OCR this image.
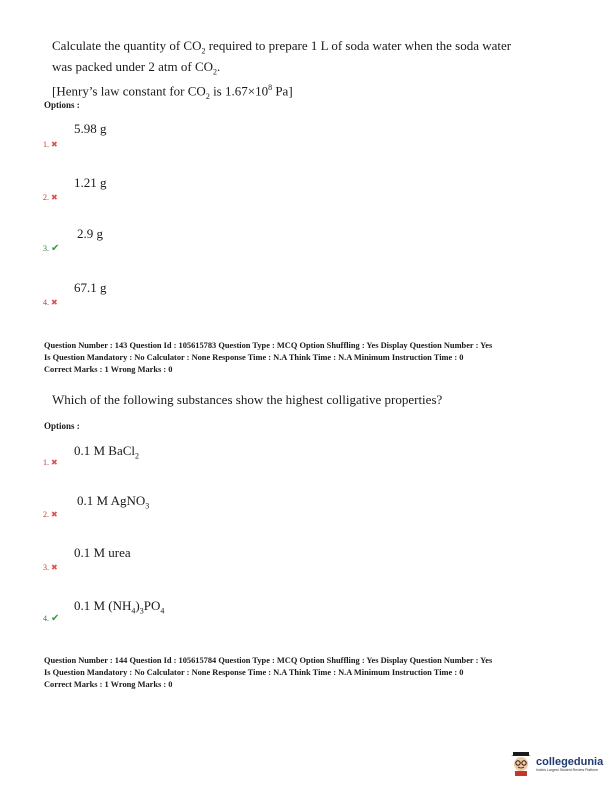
Calculate the quantity of $CO_2$ required to prepare 1 L of soda water when the soda water
was packed under 2 atm of $CO_2$.
[Henry’s law constant for $CO_2$ is $1.67\times 10^8$ Pa]
Options :
5.98 g
1. ✖
1.21 g
2. ✖
2.9 g
3. ✔
67.1 g
4. ✖
Question Number : 143 Question Id : 105615783 Question Type : MCQ Option Shuffling : Yes Display Question Number : Yes
Is Question Mandatory : No Calculator : None Response Time : N.A Think Time : N.A Minimum Instruction Time : 0
Correct Marks : 1 Wrong Marks : 0
Which of the following substances show the highest colligative properties?
Options :
0.1 M BaCl$_2$
1. ✖
0.1 M AgNO$_3$
2. ✖
0.1 M urea
3. ✖
0.1 M $(NH_4)_3PO_4$
4. ✔
Question Number : 144 Question Id : 105615784 Question Type : MCQ Option Shuffling : Yes Display Question Number : Yes
Is Question Mandatory : No Calculator : None Response Time : N.A Think Time : N.A Minimum Instruction Time : 0
Correct Marks : 1 Wrong Marks : 0
collegedunia
India's Largest Student Review Platform
